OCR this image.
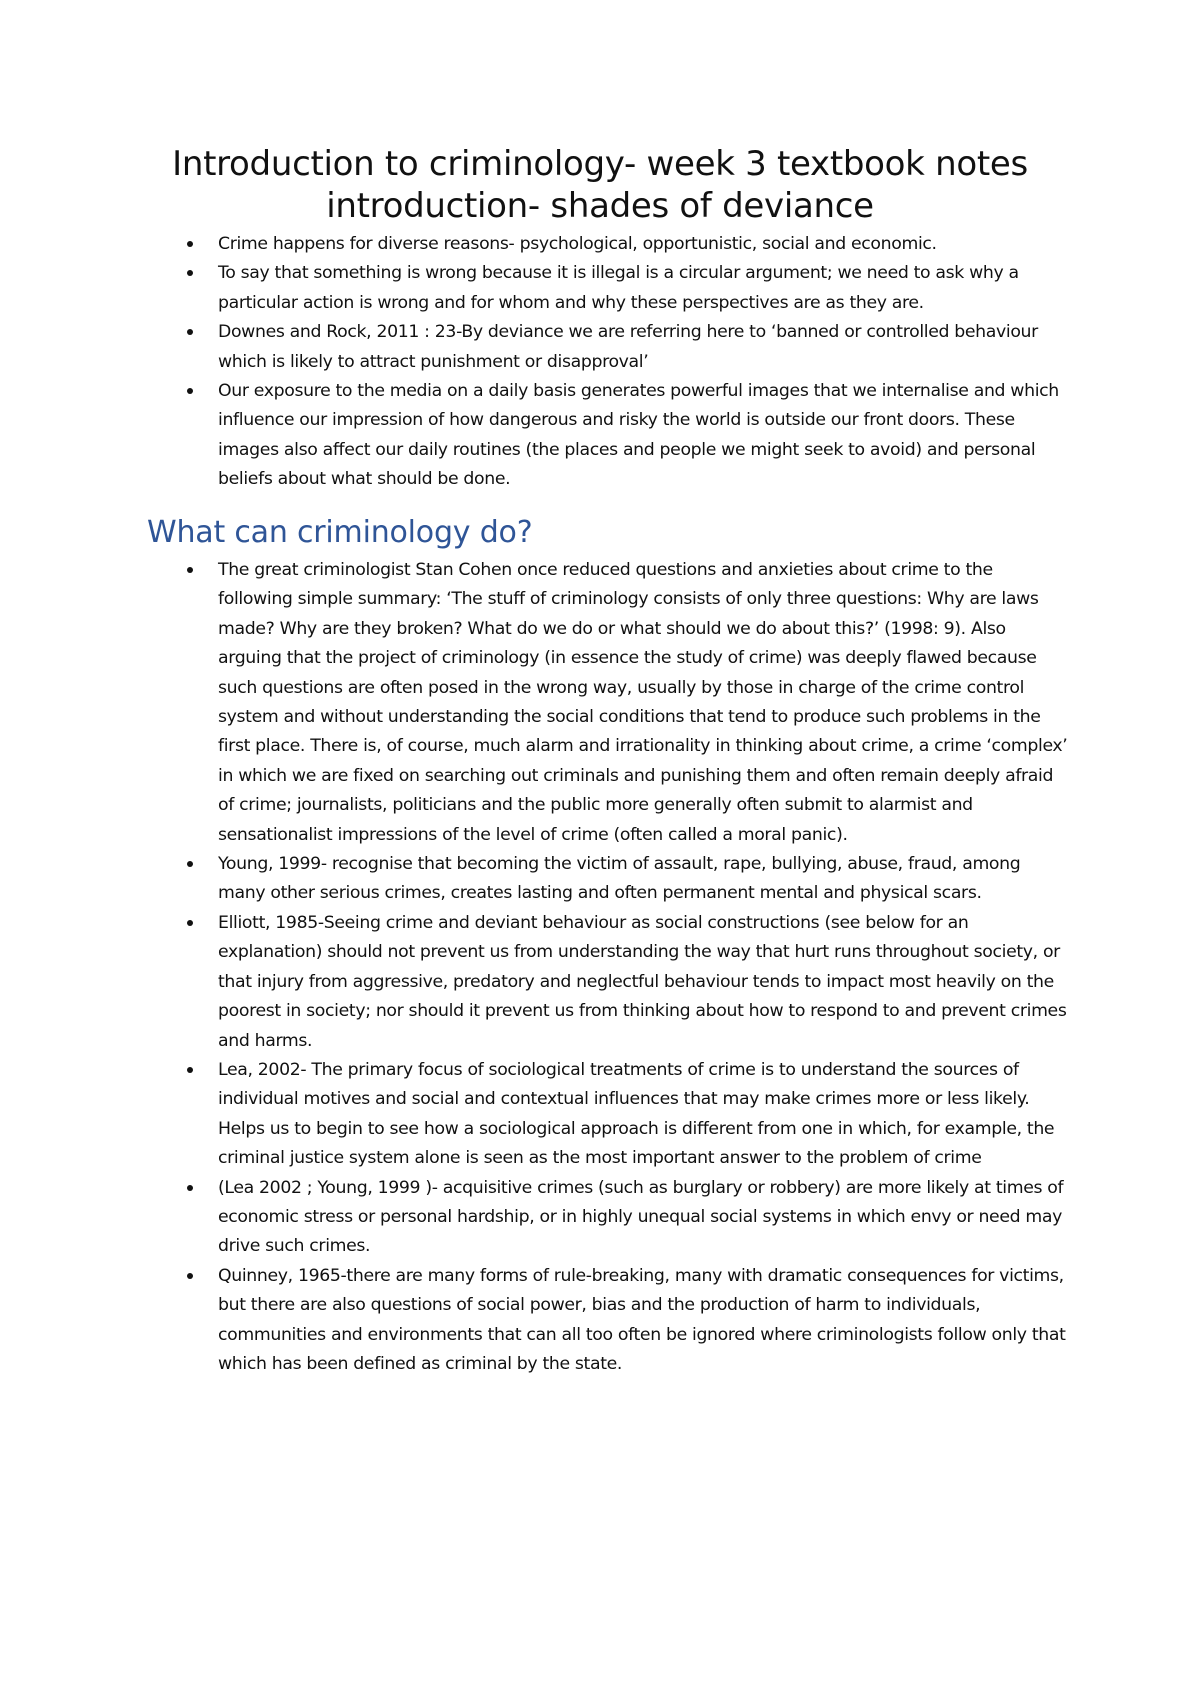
Introduction to criminology- week 3 textbook notes
introduction- shades of deviance
Crime happens for diverse reasons- psychological, opportunistic, social and economic.
To say that something is wrong because it is illegal is a circular argument; we need to ask why a particular action is wrong and for whom and why these perspectives are as they are.
Downes and Rock, 2011 : 23-By deviance we are referring here to ‘banned or controlled behaviour which is likely to attract punishment or disapproval’
Our exposure to the media on a daily basis generates powerful images that we internalise and which influence our impression of how dangerous and risky the world is outside our front doors. These images also affect our daily routines (the places and people we might seek to avoid) and personal beliefs about what should be done.
What can criminology do?
The great criminologist Stan Cohen once reduced questions and anxieties about crime to the following simple summary: ‘The stuff of criminology consists of only three questions: Why are laws made? Why are they broken? What do we do or what should we do about this?’ (1998: 9). Also arguing that the project of criminology (in essence the study of crime) was deeply flawed because such questions are often posed in the wrong way, usually by those in charge of the crime control system and without understanding the social conditions that tend to produce such problems in the first place. There is, of course, much alarm and irrationality in thinking about crime, a crime ‘complex’ in which we are fixed on searching out criminals and punishing them and often remain deeply afraid of crime; journalists, politicians and the public more generally often submit to alarmist and sensationalist impressions of the level of crime (often called a moral panic).
Young, 1999- recognise that becoming the victim of assault, rape, bullying, abuse, fraud, among many other serious crimes, creates lasting and often permanent mental and physical scars.
Elliott, 1985-Seeing crime and deviant behaviour as social constructions (see below for an explanation) should not prevent us from understanding the way that hurt runs throughout society, or that injury from aggressive, predatory and neglectful behaviour tends to impact most heavily on the poorest in society; nor should it prevent us from thinking about how to respond to and prevent crimes and harms.
Lea, 2002- The primary focus of sociological treatments of crime is to understand the sources of individual motives and social and contextual influences that may make crimes more or less likely. Helps us to begin to see how a sociological approach is different from one in which, for example, the criminal justice system alone is seen as the most important answer to the problem of crime
(Lea 2002 ; Young, 1999 )- acquisitive crimes (such as burglary or robbery) are more likely at times of economic stress or personal hardship, or in highly unequal social systems in which envy or need may drive such crimes.
Quinney, 1965-there are many forms of rule-breaking, many with dramatic consequences for victims, but there are also questions of social power, bias and the production of harm to individuals, communities and environments that can all too often be ignored where criminologists follow only that which has been defined as criminal by the state.
